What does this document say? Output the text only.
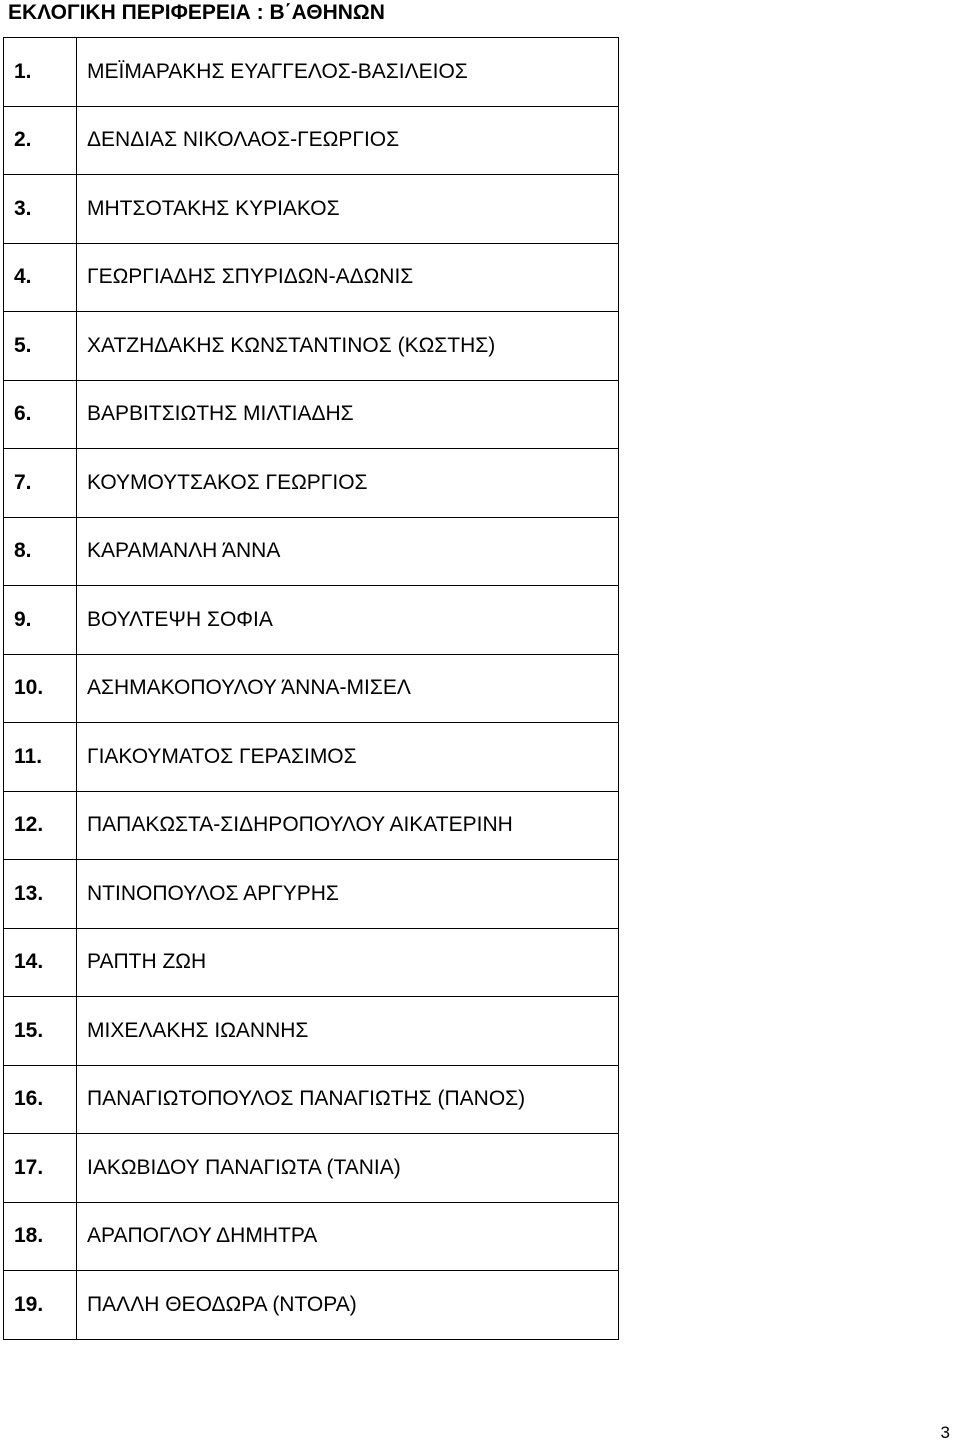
ΕΚΛΟΓΙΚΗ ΠΕΡΙΦΕΡΕΙΑ : Β΄ΑΘΗΝΩΝ
1.	ΜΕΪΜΑΡΑΚΗΣ ΕΥΑΓΓΕΛΟΣ-ΒΑΣΙΛΕΙΟΣ
2.	ΔΕΝΔΙΑΣ ΝΙΚΟΛΑΟΣ-ΓΕΩΡΓΙΟΣ
3.	ΜΗΤΣΟΤΑΚΗΣ ΚΥΡΙΑΚΟΣ
4.	ΓΕΩΡΓΙΑΔΗΣ ΣΠΥΡΙΔΩΝ-ΑΔΩΝΙΣ
5.	ΧΑΤΖΗΔΑΚΗΣ ΚΩΝΣΤΑΝΤΙΝΟΣ (ΚΩΣΤΗΣ)
6.	ΒΑΡΒΙΤΣΙΩΤΗΣ ΜΙΛΤΙΑΔΗΣ
7.	ΚΟΥΜΟΥΤΣΑΚΟΣ ΓΕΩΡΓΙΟΣ
8.	ΚΑΡΑΜΑΝΛΗ ΆΝΝΑ
9.	ΒΟΥΛΤΕΨΗ ΣΟΦΙΑ
10.	ΑΣΗΜΑΚΟΠΟΥΛΟΥ ΆΝΝΑ-ΜΙΣΕΛ
11.	ΓΙΑΚΟΥΜΑΤΟΣ ΓΕΡΑΣΙΜΟΣ
12.	ΠΑΠΑΚΩΣΤΑ-ΣΙΔΗΡΟΠΟΥΛΟΥ ΑΙΚΑΤΕΡΙΝΗ
13.	ΝΤΙΝΟΠΟΥΛΟΣ ΑΡΓΥΡΗΣ
14.	ΡΑΠΤΗ ΖΩΗ
15.	ΜΙΧΕΛΑΚΗΣ ΙΩΑΝΝΗΣ
16.	ΠΑΝΑΓΙΩΤΟΠΟΥΛΟΣ ΠΑΝΑΓΙΩΤΗΣ (ΠΑΝΟΣ)
17.	ΙΑΚΩΒΙΔΟΥ ΠΑΝΑΓΙΩΤΑ (ΤΑΝΙΑ)
18.	ΑΡΑΠΟΓΛΟΥ ΔΗΜΗΤΡΑ
19.	ΠΑΛΛΗ ΘΕΟΔΩΡΑ (ΝΤΟΡΑ)
3
